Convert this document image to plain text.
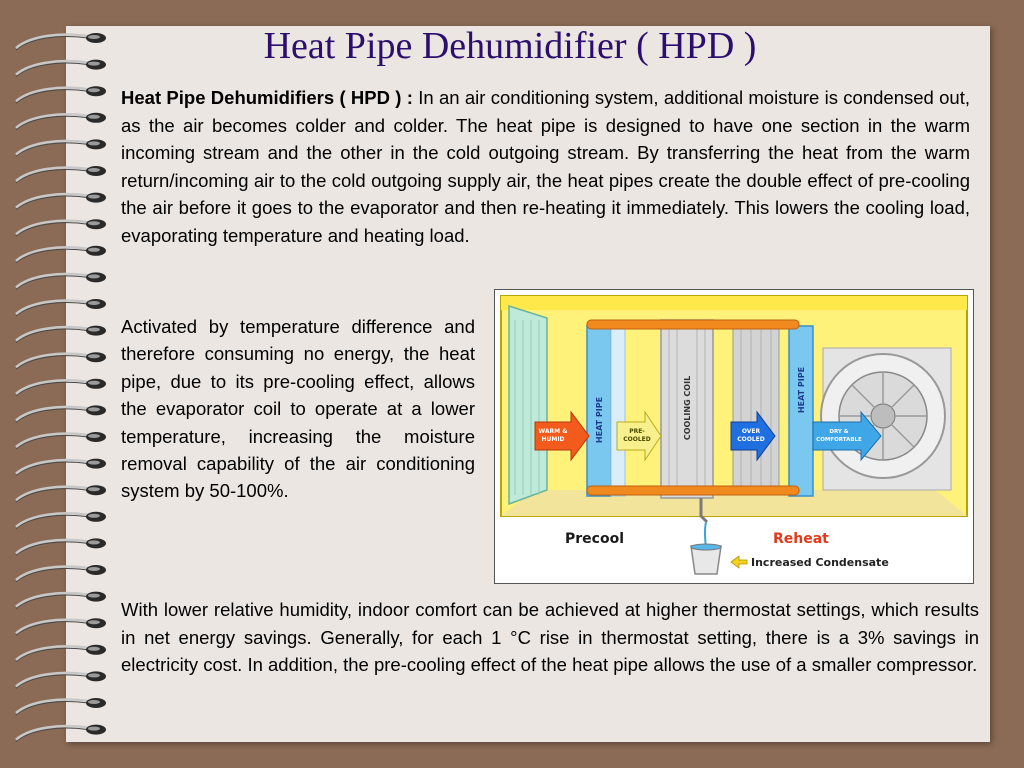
Heat Pipe Dehumidifier ( HPD )

Heat Pipe Dehumidifiers ( HPD ) : In an air conditioning system, additional moisture is condensed out, as the air becomes colder and colder. The heat pipe is designed to have one section in the warm incoming stream and the other in the cold outgoing stream. By transferring the heat from the warm return/incoming air to the cold outgoing supply air, the heat pipes create the double effect of pre-cooling the air before it goes to the evaporator and then re-heating it immediately. This lowers the cooling load, evaporating temperature and heating load.

Activated by temperature difference and therefore consuming no energy, the heat pipe, due to its pre-cooling effect, allows the evaporator coil to operate at a lower temperature, increasing the moisture removal capability of the air conditioning system by 50-100%.

WARM &
HUMID
PRE-
COOLED
OVER
COOLED
DRY &
COMFORTABLE
HEAT PIPE	COOLING COIL	HEAT PIPE
Increased Condensate
Precool	Reheat

With lower relative humidity, indoor comfort can be achieved at higher thermostat settings, which results in net energy savings. Generally, for each 1 °C rise in thermostat setting, there is a 3% savings in electricity cost. In addition, the pre-cooling effect of the heat pipe allows the use of a smaller compressor.
